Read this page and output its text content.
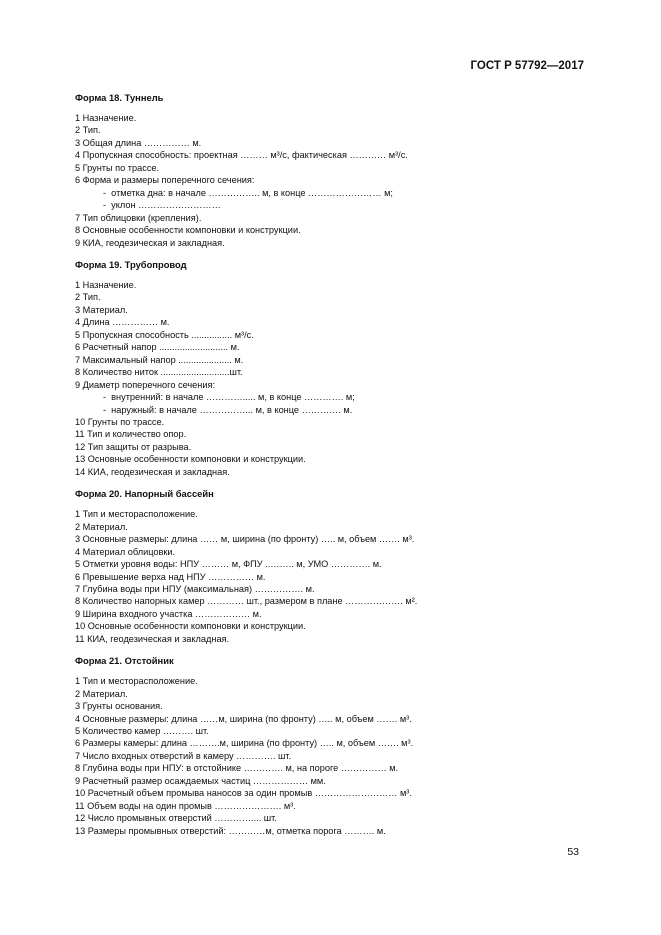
ГОСТ Р 57792—2017

Форма 18. Туннель

1 Назначение.

2 Тип.

3 Общая длина …………… м.

4 Пропускная способность: проектная ……… м³/с, фактическая ………… м³/с.

5 Грунты по трассе.

6 Форма и размеры поперечного сечения:

-  отметка дна: в начале …………….. м, в конце …………………… м;

-  уклон ………………………

7 Тип облицовки (крепления).

8 Основные особенности компоновки и конструкции.

9 КИА, геодезическая и закладная.

Форма 19. Трубопровод

1 Назначение.

2 Тип.

3 Материал.

4 Длина …………… м.

5 Пропускная способность ................ м³/с.

6 Расчетный напор ........................... м.

7 Максимальный напор ..................... м.

8 Количество ниток ...........................шт.

9 Диаметр поперечного сечения:

-  внутренний: в начале …………..... м, в конце …………. м;

-  наружный: в начале ……………... м, в конце …………. м.

10 Грунты по трассе.

11 Тип и количество опор.

12 Тип защиты от разрыва.

13 Основные особенности компоновки и конструкции.

14 КИА, геодезическая и закладная.

Форма 20. Напорный бассейн

1 Тип и месторасположение.

2 Материал.

3 Основные размеры: длина …… м, ширина (по фронту) ….. м, объем ……. м³.

4 Материал облицовки.

5 Отметки уровня воды: НПУ ……… м, ФПУ ..…….. м, УМО …………. м.

6 Превышение верха над НПУ …………… м.

7 Глубина воды при НПУ (максимальная) ……………. м.

8 Количество напорных камер ………… шт., размером в плане ………………. м².

9 Ширина входного участка ……………… м.

10 Основные особенности компоновки и конструкции.

11 КИА, геодезическая и закладная.

Форма 21. Отстойник

1 Тип и месторасположение.

2 Материал.

3 Грунты основания.

4 Основные размеры: длина ……м, ширина (по фронту) ….. м, объем ……. м³.

5 Количество камер ………. шт.

6 Размеры камеры: длина ……….м, ширина (по фронту) ….. м, объем ……. м³.

7 Число входных отверстий в камеру …………. шт.

8 Глубина воды при НПУ: в отстойнике …………. м, на пороге …………… м.

9 Расчетный размер осаждаемых частиц ……………… мм.

10 Расчетный объем промыва наносов за один промыв ……………………… м³.

11 Объем воды на один промыв …………………. м³.

12 Число промывных отверстий ………….... шт.

13 Размеры промывных отверстий: …………м, отметка порога ………. м.

53
